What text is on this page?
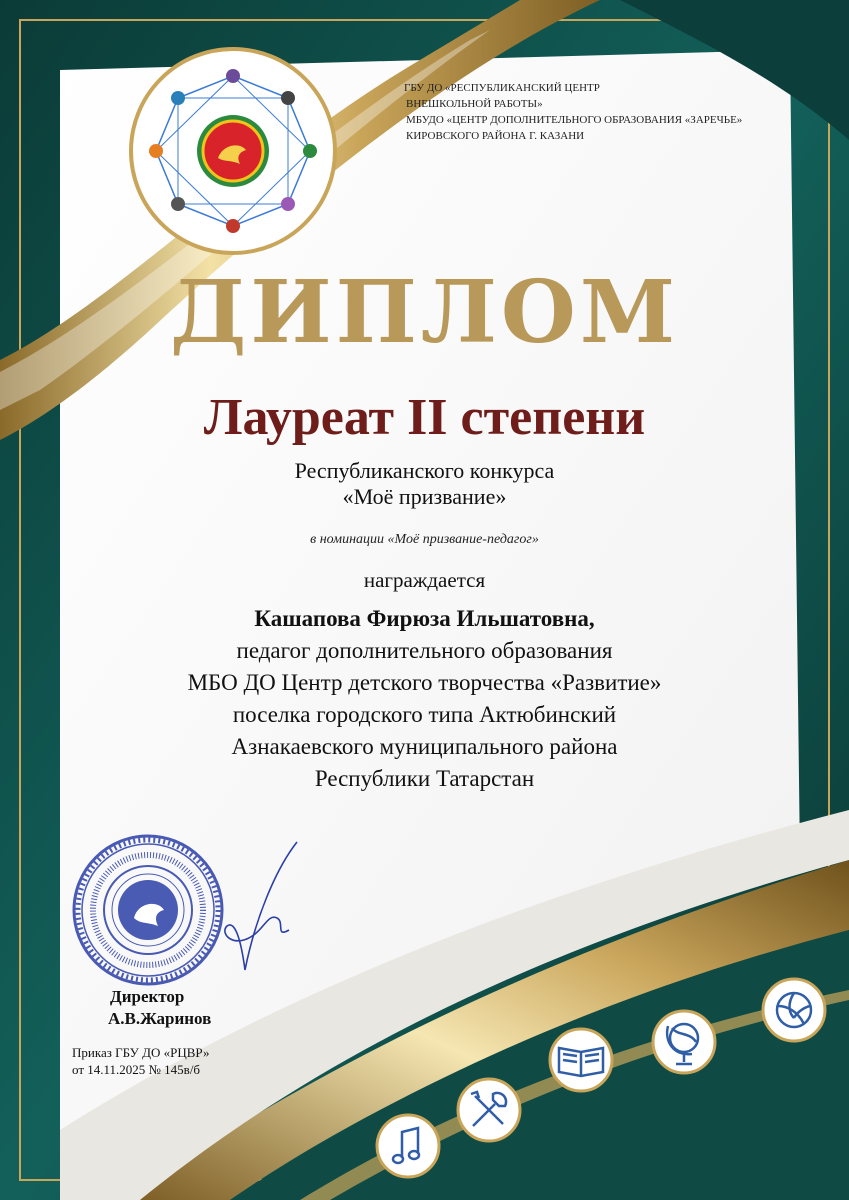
ГБУ ДО «РЕСПУБЛИКАНСКИЙ ЦЕНТР
ВНЕШКОЛЬНОЙ РАБОТЫ»
МБУДО «ЦЕНТР ДОПОЛНИТЕЛЬНОГО ОБРАЗОВАНИЯ «ЗАРЕЧЬЕ»
КИРОВСКОГО РАЙОНА Г. КАЗАНИ
ДИПЛОМ
Лауреат II степени
Республиканского конкурса
«Моё призвание»
в номинации «Моё призвание-педагог»
награждается
Кашапова Фирюза Ильшатовна,
педагог дополнительного образования
МБО ДО Центр детского творчества «Развитие»
поселка городского типа Актюбинский
Азнакаевского муниципального района
Республики Татарстан
Директор
А.В.Жаринов
Приказ ГБУ ДО «РЦВР»
от 14.11.2025 № 145в/б
